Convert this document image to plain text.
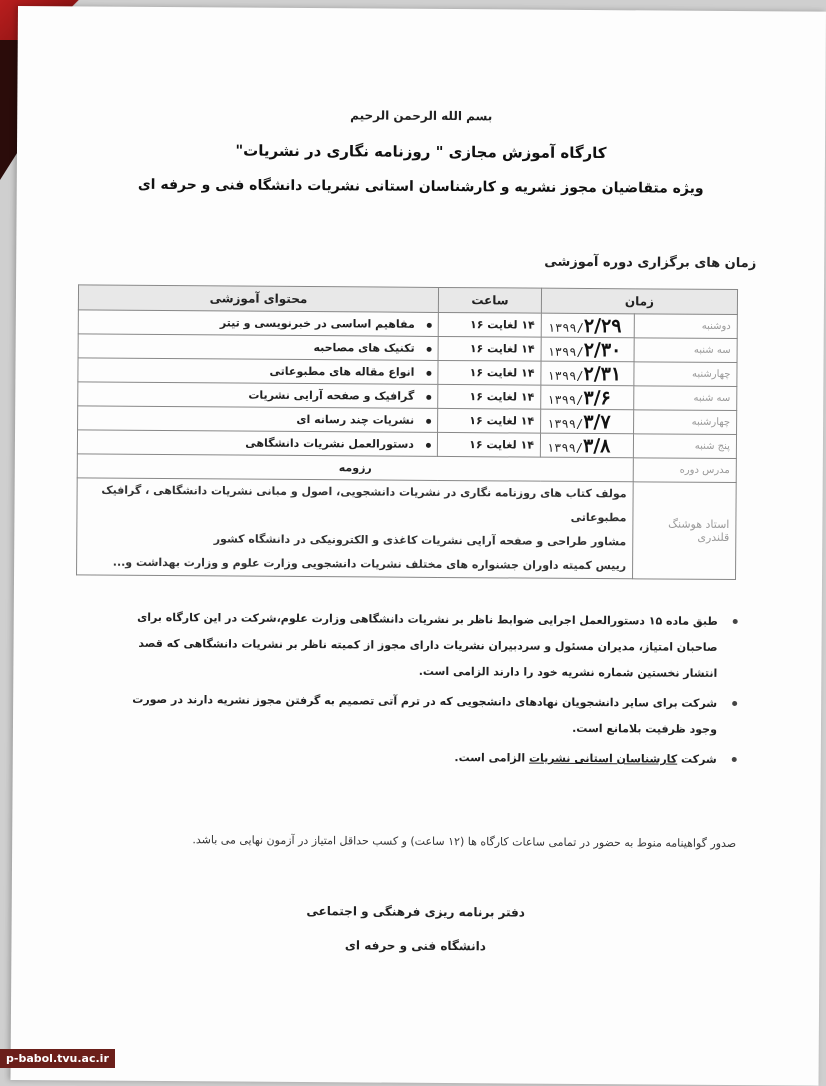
بسم الله الرحمن الرحیم
کارگاه آموزش مجازی " روزنامه نگاری در نشریات"
ویژه متقاضیان مجوز نشریه و کارشناسان استانی نشریات دانشگاه فنی و حرفه ای
زمان های برگزاری دوره آموزشی
زمان		ساعت	محتوای آموزشی
دوشنبه	۱۳۹۹/۲/۲۹	۱۴ لغایت ۱۶	مفاهیم اساسی در خبرنویسی و تیتر
سه شنبه	۱۳۹۹/۲/۳۰	۱۴ لغایت ۱۶	تکنیک های مصاحبه
چهارشنبه	۱۳۹۹/۲/۳۱	۱۴ لغایت ۱۶	انواع مقاله های مطبوعاتی
سه شنبه	۱۳۹۹/۳/۶	۱۴ لغایت ۱۶	گرافیک و صفحه آرایی نشریات
چهارشنبه	۱۳۹۹/۳/۷	۱۴ لغایت ۱۶	نشریات چند رسانه ای
پنج شنبه	۱۳۹۹/۳/۸	۱۴ لغایت ۱۶	دستورالعمل نشریات دانشگاهی
مدرس دوره	رزومه		
استاد هوشنگ قلندری	مولف کتاب های روزنامه نگاری در نشریات دانشجویی، اصول و مبانی نشریات دانشگاهی ، گرافیک مطبوعاتی
مشاور طراحی و صفحه آرایی نشریات کاغذی و الکترونیکی در دانشگاه کشور
رییس کمیته داوران جشنواره های مختلف نشریات دانشجویی وزارت علوم و وزارت بهداشت و...		
طبق ماده ۱۵ دستورالعمل اجرایی ضوابط ناظر بر نشریات دانشگاهی وزارت علوم،شرکت در این کارگاه برای صاحبان امتیاز، مدیران مسئول و سردبیران نشریات دارای مجوز از کمیته ناظر بر نشریات دانشگاهی که قصد انتشار نخستین شماره نشریه خود را دارند الزامی است.
شرکت برای سایر دانشجویان نهادهای دانشجویی که در ترم آتی تصمیم به گرفتن مجوز نشریه دارند در صورت وجود ظرفیت بلامانع است.
شرکت کارشناسان استانی نشریات الزامی است.
صدور گواهینامه منوط به حضور در تمامی ساعات کارگاه ها (۱۲ ساعت) و کسب حداقل امتیاز در آزمون نهایی می باشد.
دفتر برنامه ریزی فرهنگی و اجتماعی
دانشگاه فنی و حرفه ای
p-babol.tvu.ac.ir
